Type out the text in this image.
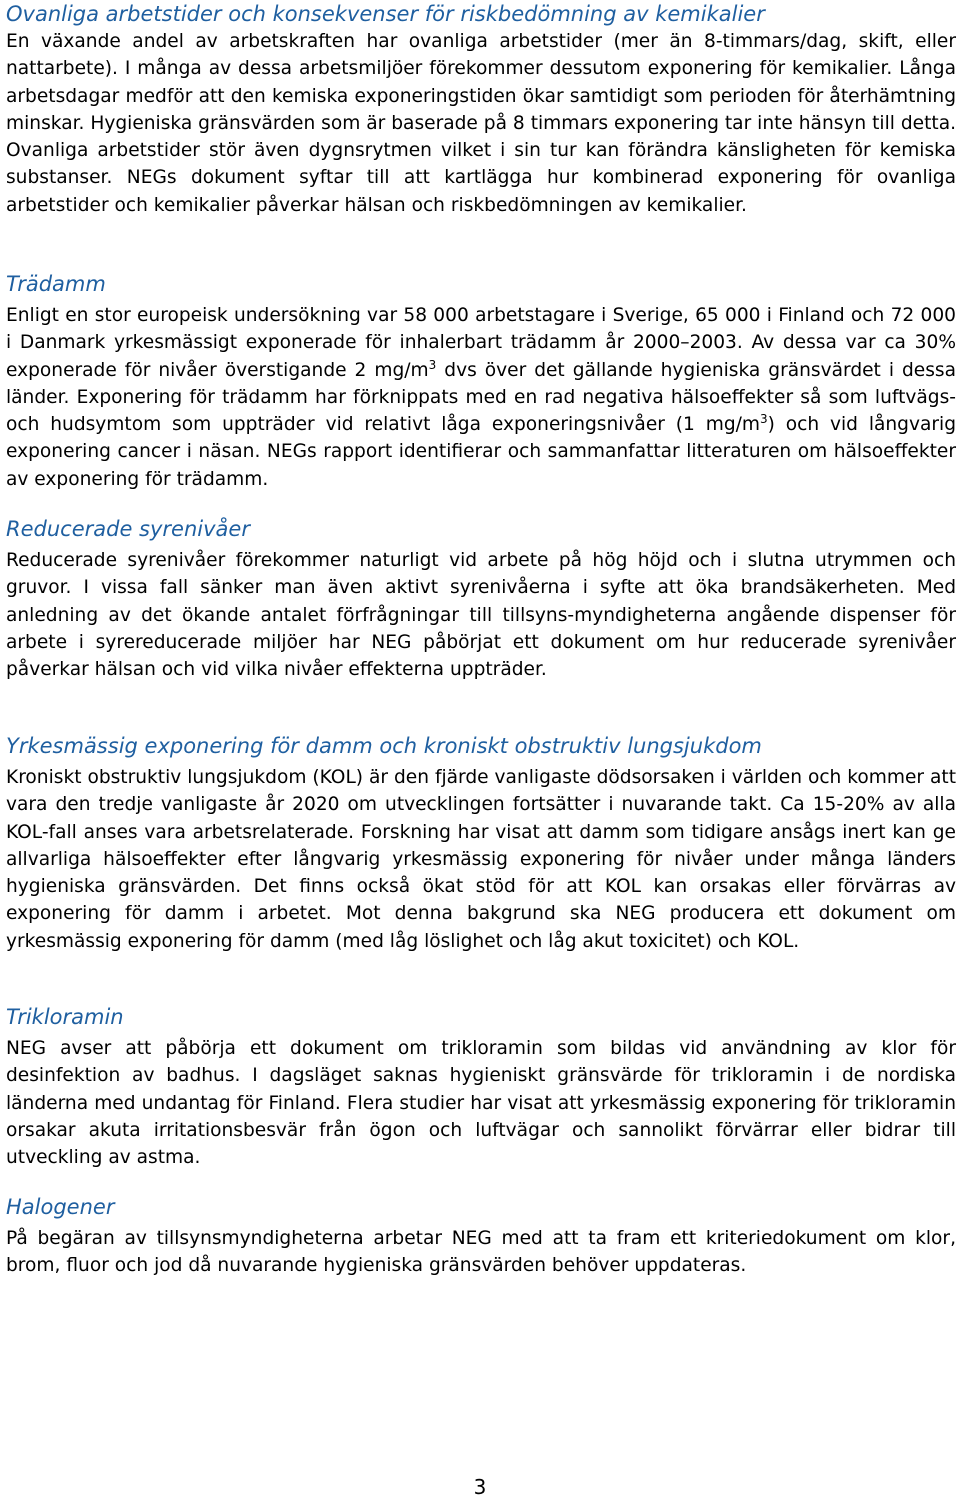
Ovanliga arbetstider och konsekvenser för riskbedömning av kemikalier

En växande andel av arbetskraften har ovanliga arbetstider (mer än 8-timmars/dag, skift, eller nattarbete). I många av dessa arbetsmiljöer förekommer dessutom exponering för kemikalier. Långa arbetsdagar medför att den kemiska exponeringstiden ökar samtidigt som perioden för återhämtning minskar. Hygieniska gränsvärden som är baserade på 8 timmars exponering tar inte hänsyn till detta. Ovanliga arbetstider stör även dygnsrytmen vilket i sin tur kan förändra känsligheten för kemiska substanser. NEGs dokument syftar till att kartlägga hur kombinerad exponering för ovanliga arbetstider och kemikalier påverkar hälsan och riskbedömningen av kemikalier.

Trädamm

Enligt en stor europeisk undersökning var 58 000 arbetstagare i Sverige, 65 000 i Finland och 72 000 i Danmark yrkesmässigt exponerade för inhalerbart trädamm år 2000–2003. Av dessa var ca 30% exponerade för nivåer överstigande 2 $mg/m^3$ dvs över det gällande hygieniska gränsvärdet i dessa länder. Exponering för trädamm har förknippats med en rad negativa hälsoeffekter så som luftvägs- och hudsymtom som uppträder vid relativt låga exponeringsnivåer (1 $mg/m^3$) och vid långvarig exponering cancer i näsan. NEGs rapport identifierar och sammanfattar litteraturen om hälsoeffekter av exponering för trädamm.

Reducerade syrenivåer

Reducerade syrenivåer förekommer naturligt vid arbete på hög höjd och i slutna utrymmen och gruvor. I vissa fall sänker man även aktivt syrenivåerna i syfte att öka brandsäkerheten. Med anledning av det ökande antalet förfrågningar till tillsyns-myndigheterna angående dispenser för arbete i syrereducerade miljöer har NEG påbörjat ett dokument om hur reducerade syrenivåer påverkar hälsan och vid vilka nivåer effekterna uppträder.

Yrkesmässig exponering för damm och kroniskt obstruktiv lungsjukdom

Kroniskt obstruktiv lungsjukdom (KOL) är den fjärde vanligaste dödsorsaken i världen och kommer att vara den tredje vanligaste år 2020 om utvecklingen fortsätter i nuvarande takt. Ca 15-20% av alla KOL-fall anses vara arbetsrelaterade. Forskning har visat att damm som tidigare ansågs inert kan ge allvarliga hälsoeffekter efter långvarig yrkesmässig exponering för nivåer under många länders hygieniska gränsvärden. Det finns också ökat stöd för att KOL kan orsakas eller förvärras av exponering för damm i arbetet. Mot denna bakgrund ska NEG producera ett dokument om yrkesmässig exponering för damm (med låg löslighet och låg akut toxicitet) och KOL.

Trikloramin

NEG avser att påbörja ett dokument om trikloramin som bildas vid användning av klor för desinfektion av badhus. I dagsläget saknas hygieniskt gränsvärde för trikloramin i de nordiska länderna med undantag för Finland. Flera studier har visat att yrkesmässig exponering för trikloramin orsakar akuta irritationsbesvär från ögon och luftvägar och sannolikt förvärrar eller bidrar till utveckling av astma.

Halogener

På begäran av tillsynsmyndigheterna arbetar NEG med att ta fram ett kriteriedokument om klor, brom, fluor och jod då nuvarande hygieniska gränsvärden behöver uppdateras.

3
